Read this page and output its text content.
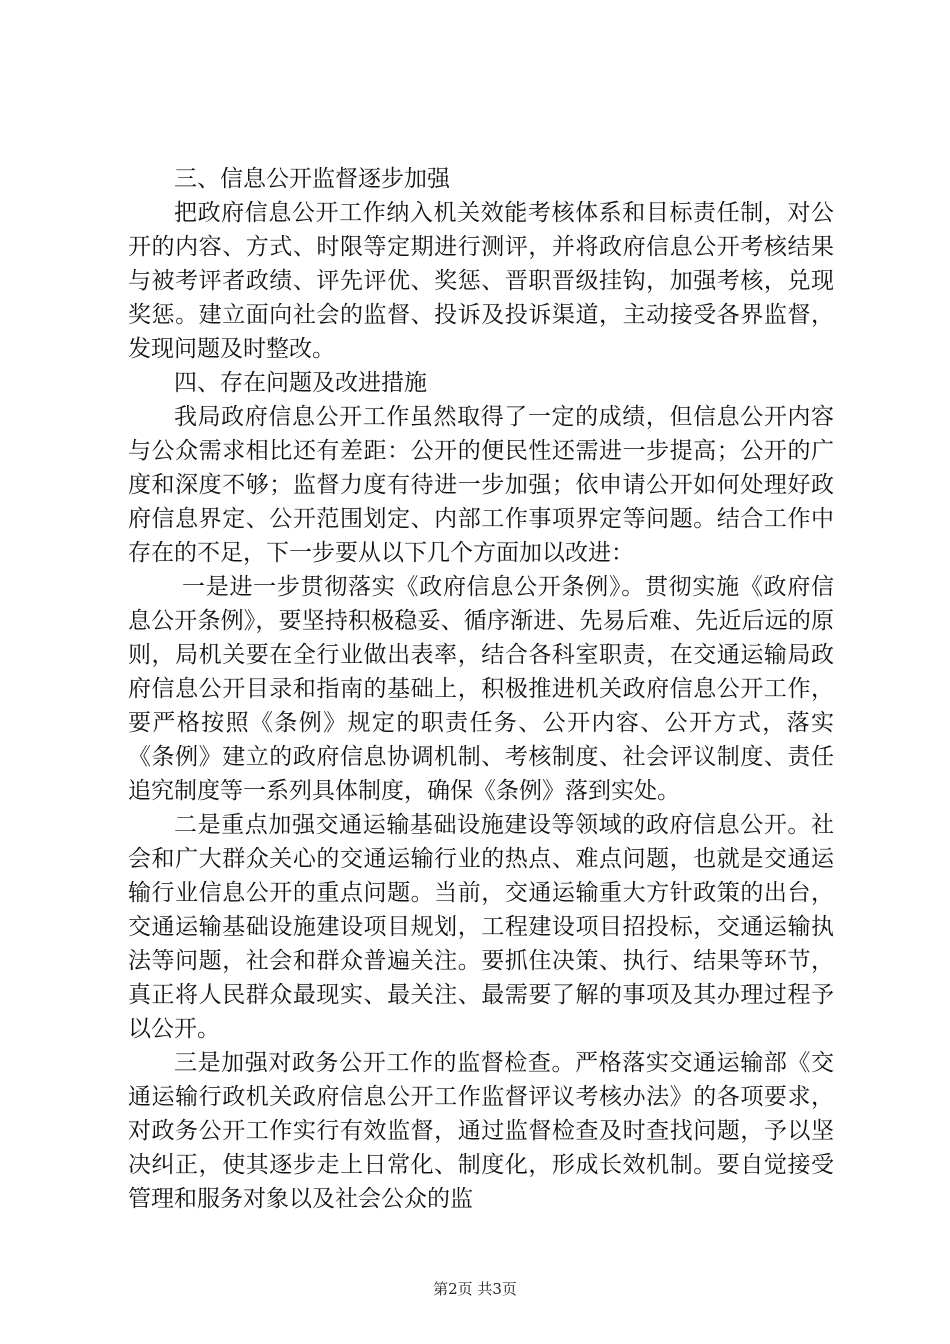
三、信息公开监督逐步加强

把政府信息公开工作纳入机关效能考核体系和目标责任制，对公开的内容、方式、时限等定期进行测评，并将政府信息公开考核结果与被考评者政绩、评先评优、奖惩、晋职晋级挂钩，加强考核，兑现奖惩。建立面向社会的监督、投诉及投诉渠道，主动接受各界监督，发现问题及时整改。

四、存在问题及改进措施

我局政府信息公开工作虽然取得了一定的成绩，但信息公开内容与公众需求相比还有差距：公开的便民性还需进一步提高；公开的广度和深度不够；监督力度有待进一步加强；依申请公开如何处理好政府信息界定、公开范围划定、内部工作事项界定等问题。结合工作中存在的不足，下一步要从以下几个方面加以改进：

一是进一步贯彻落实《政府信息公开条例》。贯彻实施《政府信息公开条例》，要坚持积极稳妥、循序渐进、先易后难、先近后远的原则，局机关要在全行业做出表率，结合各科室职责，在交通运输局政府信息公开目录和指南的基础上，积极推进机关政府信息公开工作，要严格按照《条例》规定的职责任务、公开内容、公开方式，落实《条例》建立的政府信息协调机制、考核制度、社会评议制度、责任追究制度等一系列具体制度，确保《条例》落到实处。

二是重点加强交通运输基础设施建设等领域的政府信息公开。社会和广大群众关心的交通运输行业的热点、难点问题，也就是交通运输行业信息公开的重点问题。当前，交通运输重大方针政策的出台，交通运输基础设施建设项目规划，工程建设项目招投标，交通运输执法等问题，社会和群众普遍关注。要抓住决策、执行、结果等环节，真正将人民群众最现实、最关注、最需要了解的事项及其办理过程予以公开。

三是加强对政务公开工作的监督检查。严格落实交通运输部《交通运输行政机关政府信息公开工作监督评议考核办法》的各项要求，对政务公开工作实行有效监督，通过监督检查及时查找问题，予以坚决纠正，使其逐步走上日常化、制度化，形成长效机制。要自觉接受管理和服务对象以及社会公众的监

第2页 共3页
